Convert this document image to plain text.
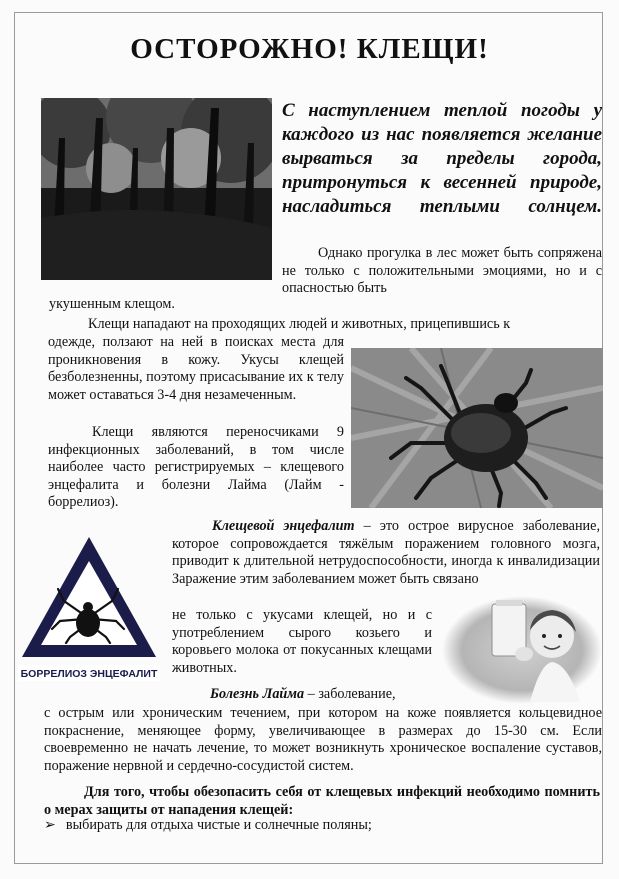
ОСТОРОЖНО! КЛЕЩИ!
С наступлением теплой погоды у каждого из нас появляется желание вырваться за пределы города, притронуться к весенней природе, насладиться теплыми солнцем.
Однако прогулка в лес может быть сопряжена не только с положительными эмоциями, но и с опасностью быть
укушенным клещом.
Клещи нападают на проходящих людей и животных, прицепившись к
одежде, ползают на ней в поисках места для проникновения в кожу. Укусы клещей безболезненны, поэтому присасывание их к телу может оставаться 3-4 дня незамеченным.
Клещи являются переносчиками 9 инфекционных заболеваний, в том числе наиболее часто регистрируемых – клещевого энцефалита и болезни Лайма (Лайм - боррелиоз).
БОРРЕЛИОЗ ЭНЦЕФАЛИТ
Клещевой энцефалит – это острое вирусное заболевание, которое сопровождается тяжёлым поражением головного мозга, приводит к длительной нетрудоспособности, иногда к инвалидизации Заражение этим заболеванием может быть связано
не только с укусами клещей, но и с употреблением сырого козьего и коровьего молока от покусанных клещами животных.
Болезнь Лайма – заболевание,
с острым или хроническим течением, при котором на коже появляется кольцевидное покраснение, меняющее форму, увеличивающее в размерах до 15-30 см. Если своевременно не начать лечение, то может возникнуть хроническое воспаление суставов, поражение нервной и сердечно-сосудистой систем.
Для того, чтобы обезопасить себя от клещевых инфекций необходимо помнить о мерах защиты от нападения клещей:
➢ выбирать для отдыха чистые и солнечные поляны;
